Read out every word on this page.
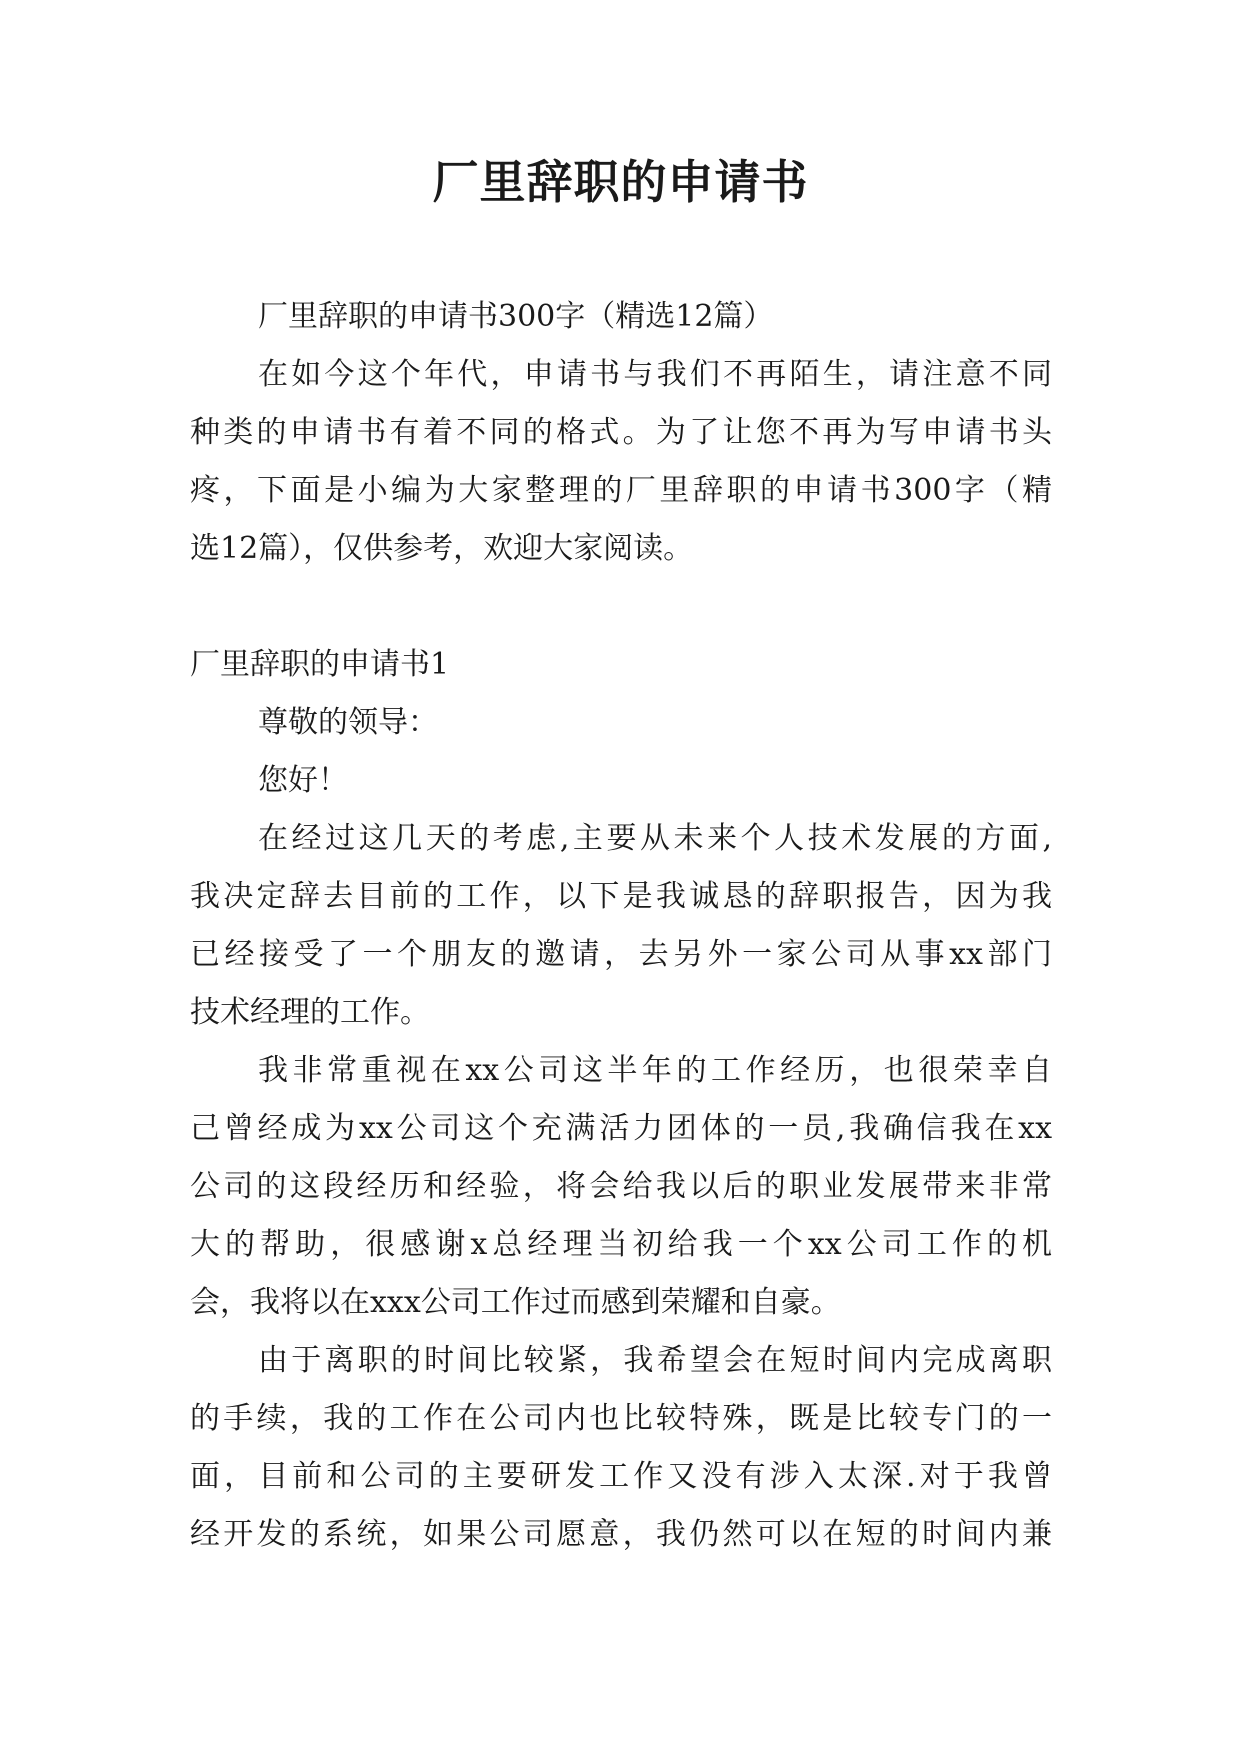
厂里辞职的申请书

厂里辞职的申请书300字（精选12篇）

在如今这个年代，申请书与我们不再陌生，请注意不同

种类的申请书有着不同的格式。为了让您不再为写申请书头

疼，下面是小编为大家整理的厂里辞职的申请书300字（精

选12篇），仅供参考，欢迎大家阅读。

厂里辞职的申请书1

尊敬的领导：

您好！

在经过这几天的考虑,主要从未来个人技术发展的方面,

我决定辞去目前的工作，以下是我诚恳的辞职报告，因为我

已经接受了一个朋友的邀请，去另外一家公司从事xx部门

技术经理的工作。

我非常重视在xx公司这半年的工作经历，也很荣幸自

己曾经成为xx公司这个充满活力团体的一员,我确信我在xx

公司的这段经历和经验，将会给我以后的职业发展带来非常

大的帮助，很感谢x总经理当初给我一个xx公司工作的机

会，我将以在xxx公司工作过而感到荣耀和自豪。

由于离职的时间比较紧，我希望会在短时间内完成离职

的手续，我的工作在公司内也比较特殊，既是比较专门的一

面，目前和公司的主要研发工作又没有涉入太深.对于我曾

经开发的系统，如果公司愿意，我仍然可以在短的时间内兼
